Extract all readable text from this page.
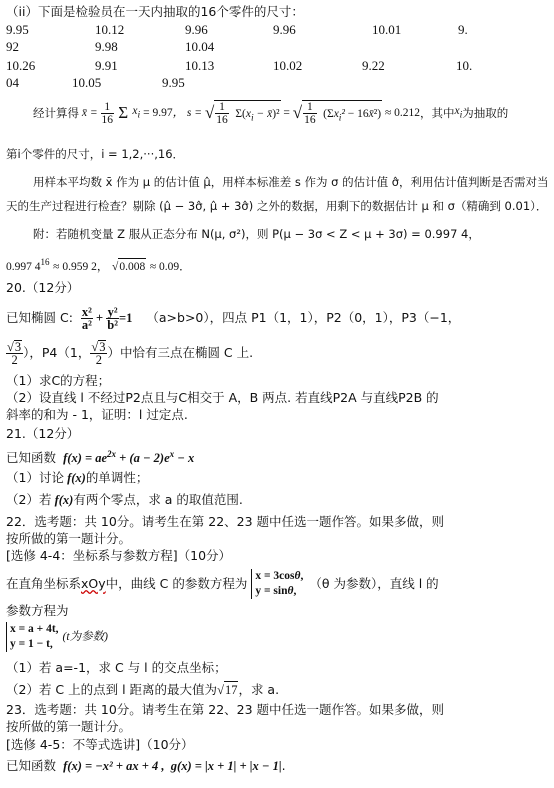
（ii）下面是检验员在一天内抽取的16个零件的尺寸：
9.95	10.12	9.96	9.96	10.01	9.
92	9.98	10.04
10.26	9.91	10.13	10.02	9.22	10.
04	10.05	9.95
经计算得 x̄ = $\frac{1}{16}$ Σ $x_i = 9.97$ ， s = √ $\frac{1}{16} \Sigma(x_i$ − x̄)² = √ $\frac{1}{16} (\Sigma x_i^2$ − 16x̄²) ≈ 0.212 ，其中 $x_i$ 为抽取的
第i个零件的尺寸，i = 1,2,···,16．
用样本平均数 x̄ 作为 μ 的估计值 μ̂，用样本标准差 s 作为 σ 的估计值 σ̂，利用估计值判断是否需对当
天的生产过程进行检查？剔除 (μ̂ − 3σ̂, μ̂ + 3σ̂) 之外的数据，用剩下的数据估计 μ 和 σ（精确到 0.01）．
附：若随机变量 Z 服从正态分布 N(μ, σ²)，则 P(μ − 3σ < Z < μ + 3σ) = 0.997 4，
0.997 $4^{16} \approx 0.959$ 2， √0.008 ≈ 0.09．
20.（12分）
已知椭圆 C: $\frac{\text{x²}}{\text{a²}} + \frac{\text{y²}}{\text{b²}} =1$ （a>b>0），四点 P1（1，1），P2（0，1），P3（−1，
$\frac{√3}{2}$ ），P4（1， $\frac{√3}{2}$ ）中恰有三点在椭圆 C 上.
（1）求C的方程；
（2）设直线 l 不经过P2点且与C相交于 A，B 两点. 若直线P2A 与直线P2B 的
斜率的和为 - 1，证明：l 过定点.
21.（12分）
已知函数  $f(x) = ae^{2x} + (a - 2)e^x - x$
（1）讨论 f(x)的单调性；
（2）若 f(x)有两个零点，求 a 的取值范围.
22．选考题：共 10分。请考生在第 22、23 题中任选一题作答。如果多做，则
按所做的第一题计分。
[选修 4-4：坐标系与参数方程]（10分）
在直角坐标系 xOy 中，曲线 C 的参数方程为 x = 3cosθ,
y = sinθ,	（θ 为参数），直线 l 的
参数方程为
x = a + 4t,
y = 1 − t,
(t为参数)
（1）若 a=-1，求 C 与 l 的交点坐标；
（2）若 C 上的点到 l 距离的最大值为√17，求 a.
23．选考题：共 10分。请考生在第 22、23 题中任选一题作答。如果多做，则
按所做的第一题计分。
[选修 4-5：不等式选讲]（10分）
已知函数  f(x) = −x² + ax + 4 ,  g(x) = |x + 1| + |x − 1|.
